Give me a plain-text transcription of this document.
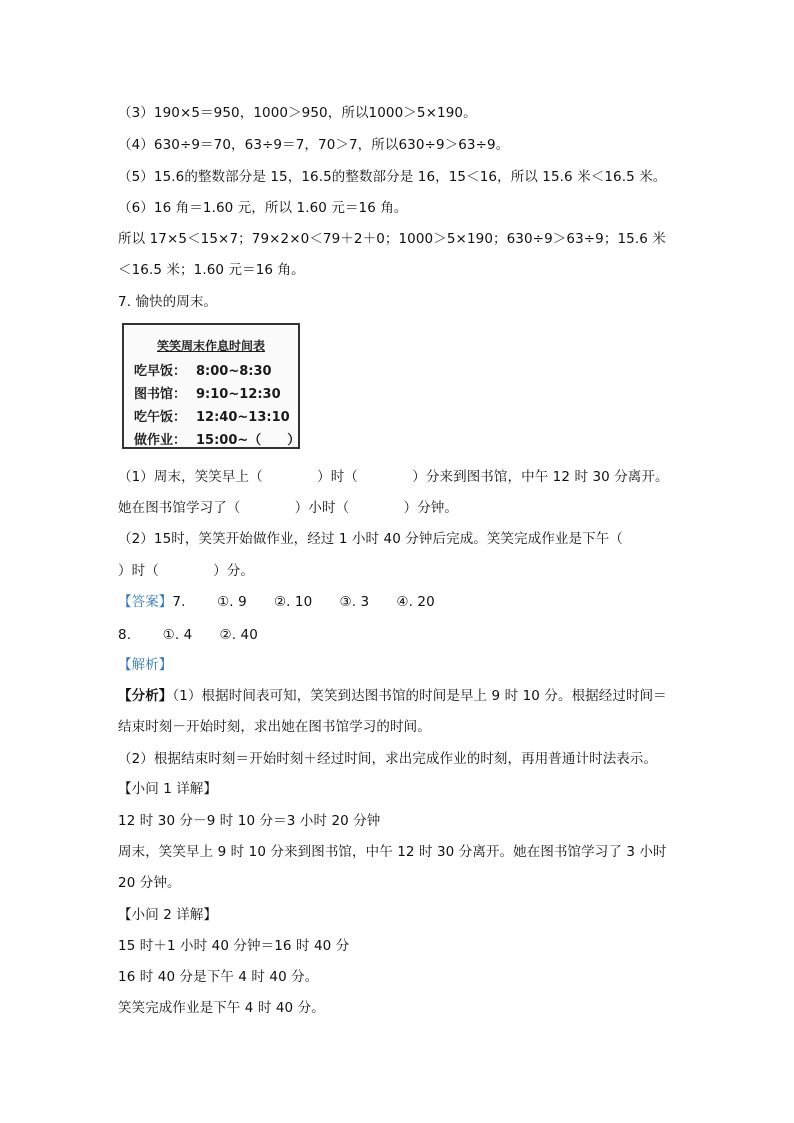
（3）190×5＝950，1000＞950，所以1000＞5×190。
（4）630÷9＝70，63÷9＝7，70＞7，所以630÷9＞63÷9。
（5）15.6的整数部分是 15，16.5的整数部分是 16，15＜16，所以 15.6 米＜16.5 米。
（6）16 角＝1.60 元，所以 1.60 元＝16 角。
所以 17×5＜15×7；79×2×0＜79＋2＋0；1000＞5×190；630÷9＞63÷9；15.6 米
＜16.5 米；1.60 元＝16 角。
7. 愉快的周末。
笑笑周末作息时间表
吃早饭： 8:00~8:30
图书馆： 9:10~12:30
吃午饭： 12:40~13:10
做作业： 15:00~（　　）
（1）周末，笑笑早上（　　　　）时（　　　　）分来到图书馆，中午 12 时 30 分离开。
她在图书馆学习了（　　　　）小时（　　　　）分钟。
（2）15时，笑笑开始做作业，经过 1 小时 40 分钟后完成。笑笑完成作业是下午（
）时（　　　　）分。
【答案】7.　　 ①. 9　　②. 10　　③. 3　　④. 20
8.　　 ①. 4　　②. 40
【解析】
【分析】（1）根据时间表可知，笑笑到达图书馆的时间是早上 9 时 10 分。根据经过时间＝
结束时刻－开始时刻，求出她在图书馆学习的时间。
（2）根据结束时刻＝开始时刻＋经过时间，求出完成作业的时刻，再用普通计时法表示。
【小问 1 详解】
12 时 30 分－9 时 10 分＝3 小时 20 分钟
周末，笑笑早上 9 时 10 分来到图书馆，中午 12 时 30 分离开。她在图书馆学习了 3 小时
20 分钟。
【小问 2 详解】
15 时＋1 小时 40 分钟＝16 时 40 分
16 时 40 分是下午 4 时 40 分。
笑笑完成作业是下午 4 时 40 分。
